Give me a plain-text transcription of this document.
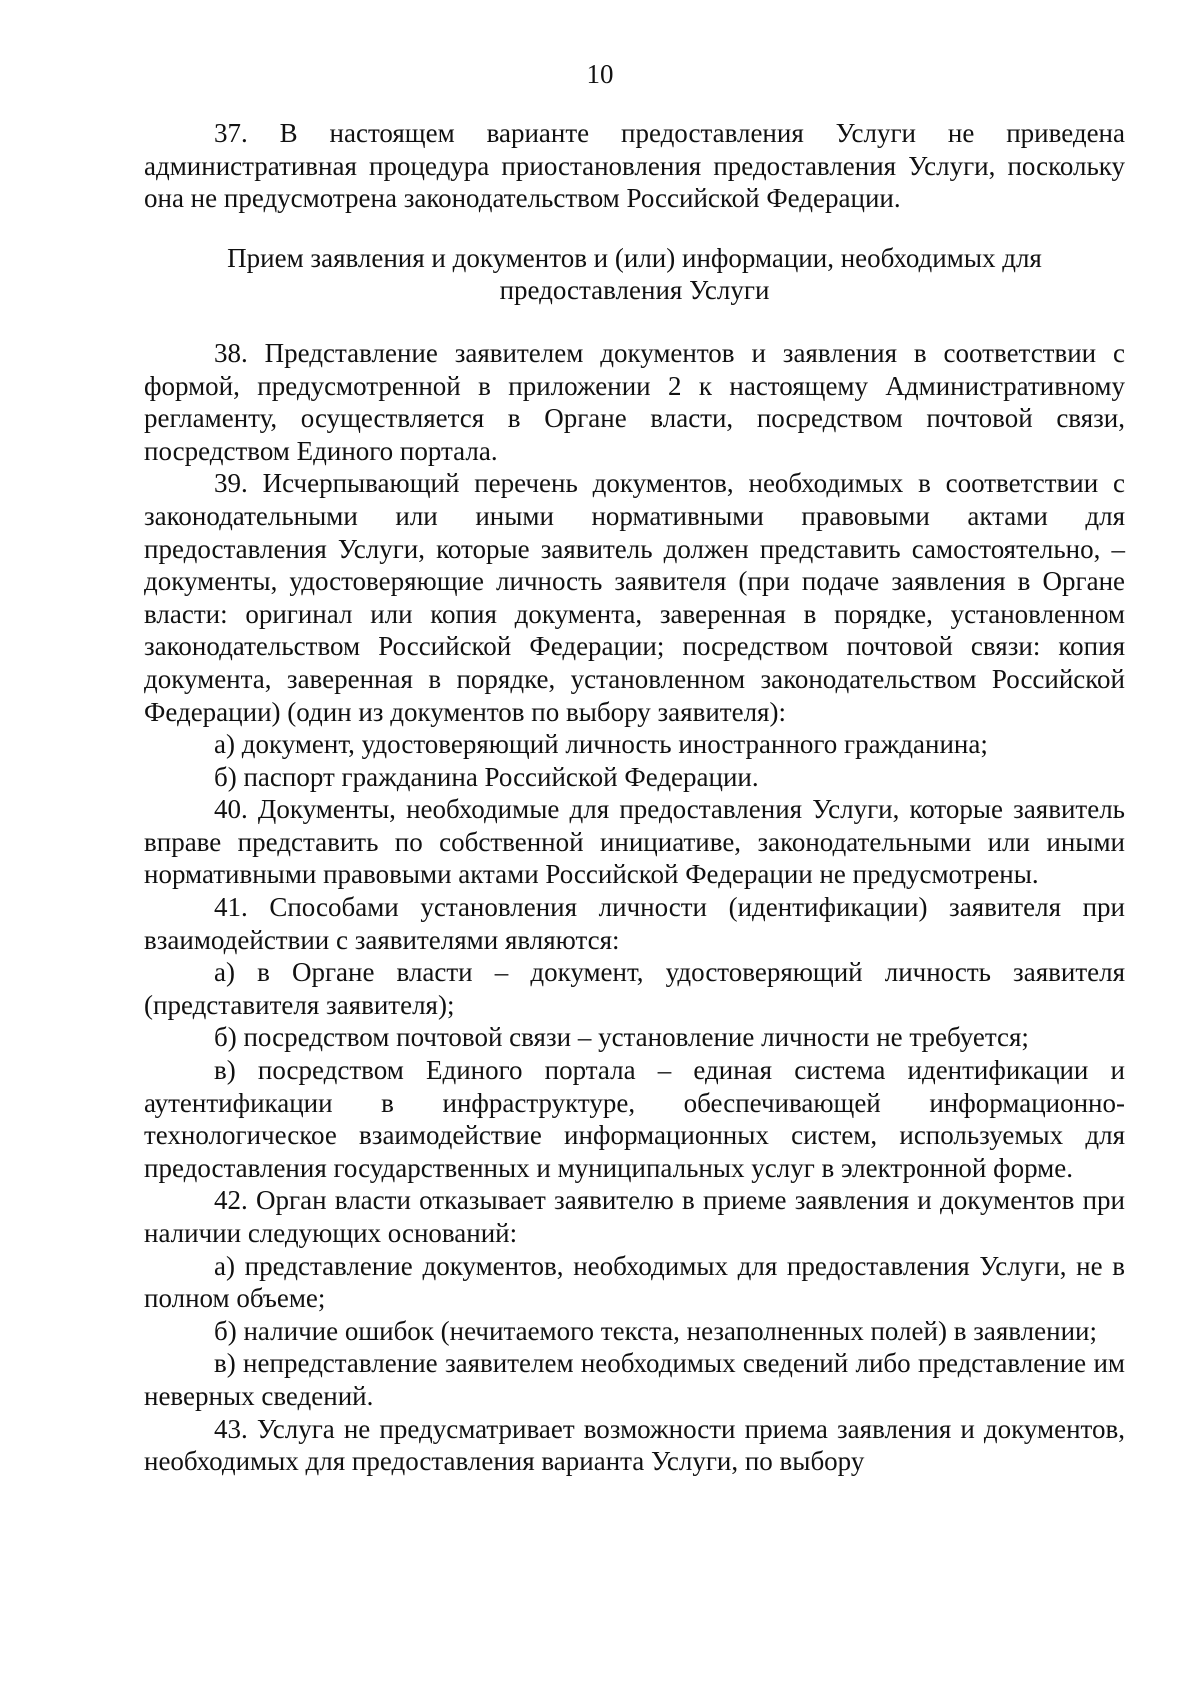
10

37. В настоящем варианте предоставления Услуги не приведена административная процедура приостановления предоставления Услуги, поскольку она не предусмотрена законодательством Российской Федерации.

Прием заявления и документов и (или) информации, необходимых для предоставления Услуги

38. Представление заявителем документов и заявления в соответствии с формой, предусмотренной в приложении 2 к настоящему Административному регламенту, осуществляется в Органе власти, посредством почтовой связи, посредством Единого портала.

39. Исчерпывающий перечень документов, необходимых в соответствии с законодательными или иными нормативными правовыми актами для предоставления Услуги, которые заявитель должен представить самостоятельно, – документы, удостоверяющие личность заявителя (при подаче заявления в Органе власти: оригинал или копия документа, заверенная в порядке, установленном законодательством Российской Федерации; посредством почтовой связи: копия документа, заверенная в порядке, установленном законодательством Российской Федерации) (один из документов по выбору заявителя):

а) документ, удостоверяющий личность иностранного гражданина;

б) паспорт гражданина Российской Федерации.

40. Документы, необходимые для предоставления Услуги, которые заявитель вправе представить по собственной инициативе, законодательными или иными нормативными правовыми актами Российской Федерации не предусмотрены.

41. Способами установления личности (идентификации) заявителя при взаимодействии с заявителями являются:

а) в Органе власти – документ, удостоверяющий личность заявителя (представителя заявителя);

б) посредством почтовой связи – установление личности не требуется;

в) посредством Единого портала – единая система идентификации и аутентификации в инфраструктуре, обеспечивающей информационно-технологическое взаимодействие информационных систем, используемых для предоставления государственных и муниципальных услуг в электронной форме.

42. Орган власти отказывает заявителю в приеме заявления и документов при наличии следующих оснований:

а) представление документов, необходимых для предоставления Услуги, не в полном объеме;

б) наличие ошибок (нечитаемого текста, незаполненных полей) в заявлении;

в) непредставление заявителем необходимых сведений либо представление им неверных сведений.

43. Услуга не предусматривает возможности приема заявления и документов, необходимых для предоставления варианта Услуги, по выбору
